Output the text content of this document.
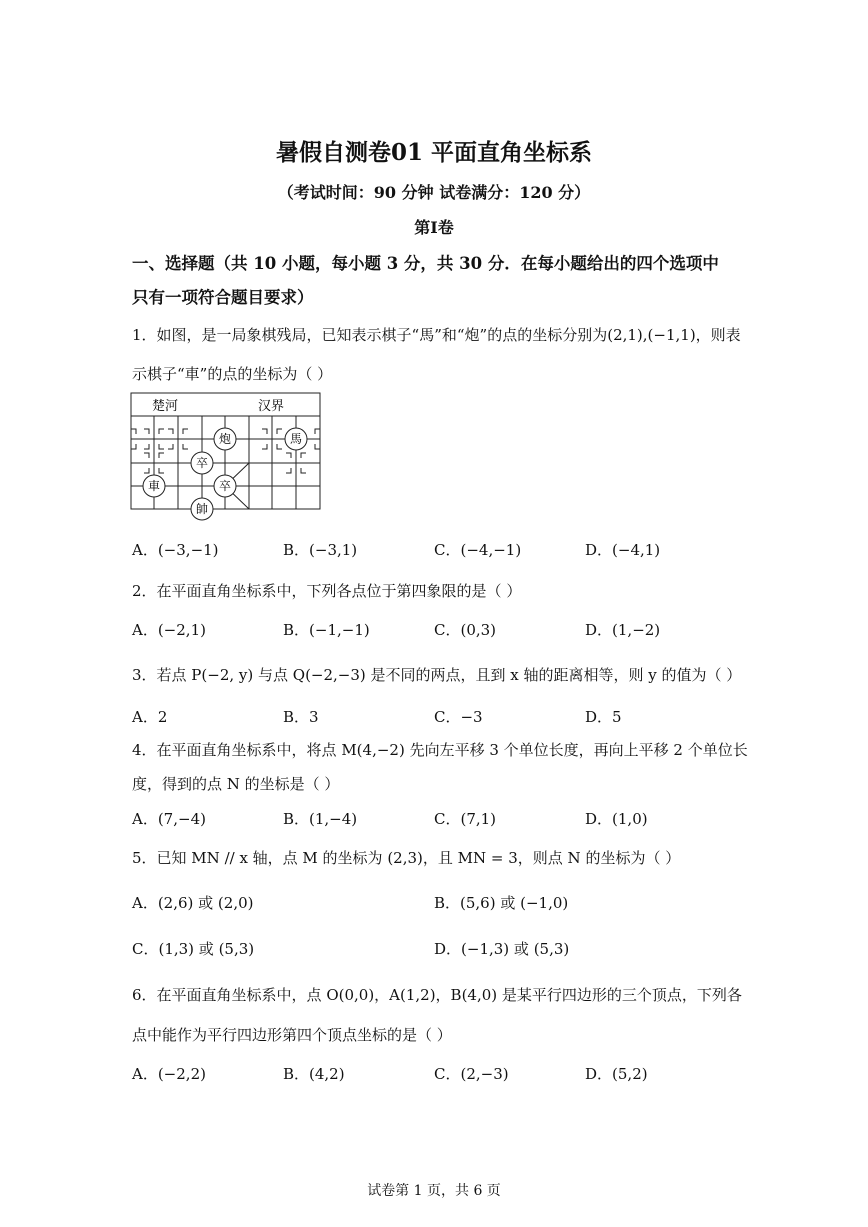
暑假自测卷01 平面直角坐标系
（考试时间：90 分钟 试卷满分：120 分）
第Ⅰ卷
一、选择题（共 10 小题，每小题 3 分，共 30 分．在每小题给出的四个选项中
只有一项符合题目要求）
1．如图，是一局象棋残局，已知表示棋子“馬”和“炮”的点的坐标分别为(2,1),(−1,1)，则表
示棋子“車”的点的坐标为（ ）
楚河	汉界
炮	馬
卒
卒
車
帥
A．(−3,−1)	B．(−3,1)	C．(−4,−1)	D．(−4,1)
2．在平面直角坐标系中，下列各点位于第四象限的是（ ）
A．(−2,1)	B．(−1,−1)	C．(0,3)	D．(1,−2)
3．若点 P(−2, y) 与点 Q(−2,−3) 是不同的两点，且到 x 轴的距离相等，则 y 的值为（ ）
A．2	B．3	C．−3	D．5
4．在平面直角坐标系中，将点 M(4,−2) 先向左平移 3 个单位长度，再向上平移 2 个单位长
度，得到的点 N 的坐标是（ ）
A．(7,−4)	B．(1,−4)	C．(7,1)	D．(1,0)
5．已知 MN // x 轴，点 M 的坐标为 (2,3)，且 MN = 3，则点 N 的坐标为（ ）
A．(2,6) 或 (2,0)	B．(5,6) 或 (−1,0)
C．(1,3) 或 (5,3)	D．(−1,3) 或 (5,3)
6．在平面直角坐标系中，点 O(0,0)，A(1,2)，B(4,0) 是某平行四边形的三个顶点，下列各
点中能作为平行四边形第四个顶点坐标的是（ ）
A．(−2,2)	B．(4,2)	C．(2,−3)	D．(5,2)
试卷第 1 页，共 6 页
